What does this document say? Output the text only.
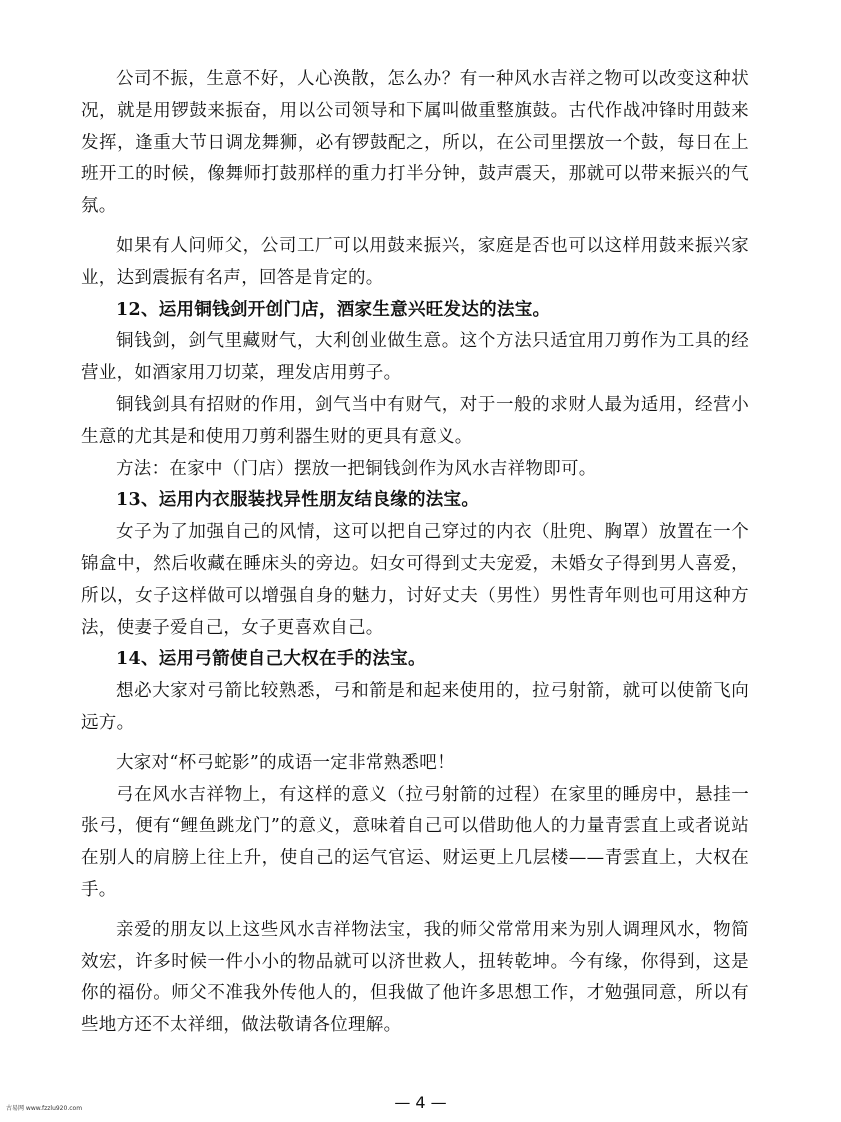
公司不振，生意不好，人心涣散，怎么办？有一种风水吉祥之物可以改变这种状况，就是用锣鼓来振奋，用以公司领导和下属叫做重整旗鼓。古代作战冲锋时用鼓来发挥，逢重大节日调龙舞狮，必有锣鼓配之，所以，在公司里摆放一个鼓，每日在上班开工的时候，像舞师打鼓那样的重力打半分钟，鼓声震天，那就可以带来振兴的气氛。

如果有人问师父，公司工厂可以用鼓来振兴，家庭是否也可以这样用鼓来振兴家业，达到震振有名声，回答是肯定的。

12、运用铜钱剑开创门店，酒家生意兴旺发达的法宝。

铜钱剑，剑气里藏财气，大利创业做生意。这个方法只适宜用刀剪作为工具的经营业，如酒家用刀切菜，理发店用剪子。

铜钱剑具有招财的作用，剑气当中有财气，对于一般的求财人最为适用，经营小生意的尤其是和使用刀剪利器生财的更具有意义。

方法：在家中（门店）摆放一把铜钱剑作为风水吉祥物即可。

13、运用内衣服装找异性朋友结良缘的法宝。

女子为了加强自己的风情，这可以把自己穿过的内衣（肚兜、胸罩）放置在一个锦盒中，然后收藏在睡床头的旁边。妇女可得到丈夫宠爱，未婚女子得到男人喜爱，所以，女子这样做可以增强自身的魅力，讨好丈夫（男性）男性青年则也可用这种方法，使妻子爱自己，女子更喜欢自己。

14、运用弓箭使自己大权在手的法宝。

想必大家对弓箭比较熟悉，弓和箭是和起来使用的，拉弓射箭，就可以使箭飞向远方。

大家对“杯弓蛇影”的成语一定非常熟悉吧！

弓在风水吉祥物上，有这样的意义（拉弓射箭的过程）在家里的睡房中，悬挂一张弓，便有“鲤鱼跳龙门”的意义，意味着自己可以借助他人的力量青雲直上或者说站在别人的肩膀上往上升，使自己的运气官运、财运更上几层楼——青雲直上，大权在手。

亲爱的朋友以上这些风水吉祥物法宝，我的师父常常用来为别人调理风水，物简效宏，许多时候一件小小的物品就可以济世救人，扭转乾坤。今有缘，你得到，这是你的福份。师父不准我外传他人的，但我做了他许多思想工作，才勉强同意，所以有些地方还不太祥细，做法敬请各位理解。

— 4 —
古易网 www.fzzlu920.com
